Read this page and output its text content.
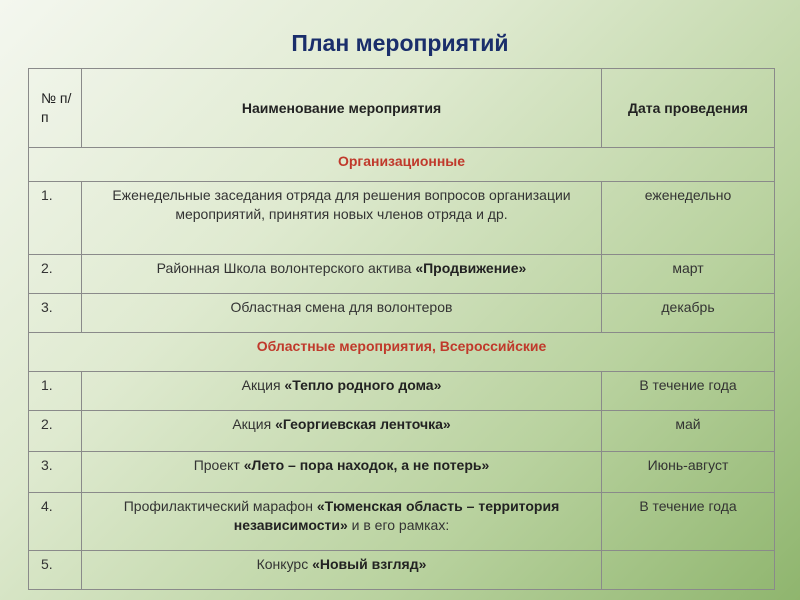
План мероприятий
№ п/п	Наименование мероприятия	Дата проведения
Организационные		
1.	Еженедельные заседания отряда для решения вопросов организации мероприятий, принятия новых членов отряда и др.	еженедельно
2.	Районная Школа волонтерского актива «Продвижение»	март
3.	Областная смена для волонтеров	декабрь
Областные мероприятия, Всероссийские		
1.	Акция «Тепло родного дома»	В течение года
2.	Акция «Георгиевская ленточка»	май
3.	Проект «Лето – пора находок, а не потерь»	Июнь-август
4.	Профилактический марафон «Тюменская область – территория независимости» и в его рамках:	В течение года
5.	Конкурс «Новый взгляд»	
